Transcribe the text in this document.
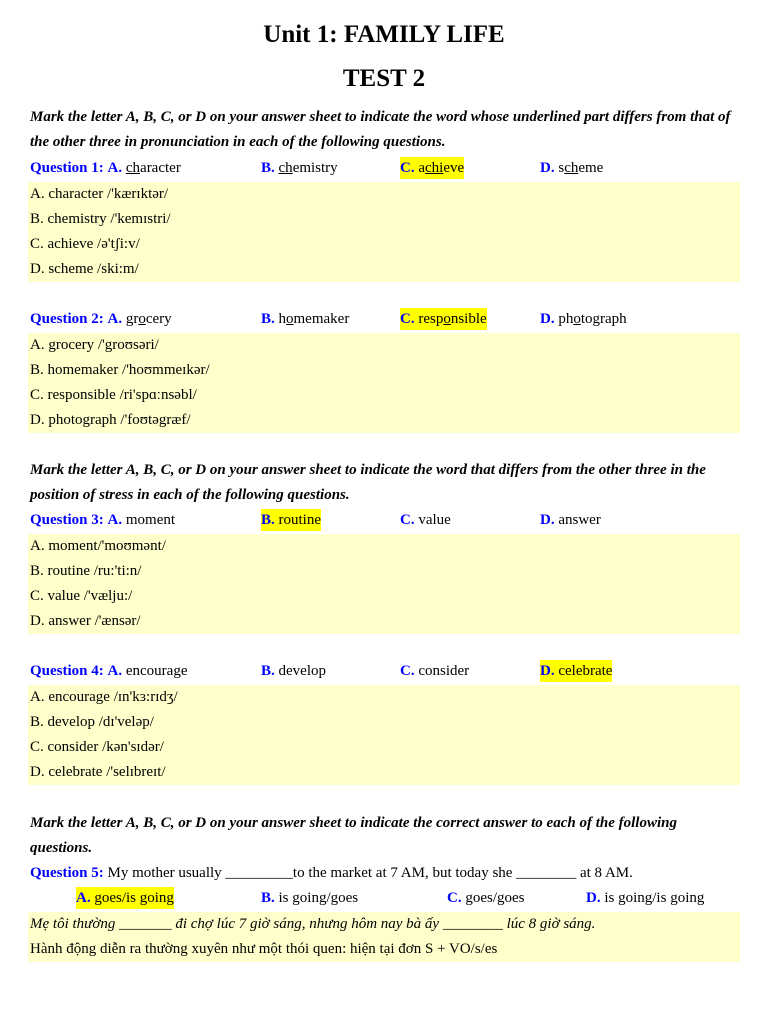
Unit 1: FAMILY LIFE
TEST 2
Mark the letter A, B, C, or D on your answer sheet to indicate the word whose underlined part differs from that of the other three in pronunciation in each of the following questions.
Question 1: A. character	B. chemistry	C. achieve	D. scheme
A. character /'kærɪktər/
B. chemistry /'kemɪstri/
C. achieve /ə'tʃi:v/
D. scheme /ski:m/
Question 2: A. grocery	B. homemaker	C. responsible	D. photograph
A. grocery /'groʊsəri/
B. homemaker /'hoʊmmeɪkər/
C. responsible /ri'spɑːnsəbl/
D. photograph /'foʊtəgræf/
Mark the letter A, B, C, or D on your answer sheet to indicate the word that differs from the other three in the position of stress in each of the following questions.
Question 3: A. moment	B. routine	C. value	D. answer
A. moment/'moʊmənt/
B. routine /ru:'ti:n/
C. value /'vælju:/
D. answer /'ænsər/
Question 4: A. encourage	B. develop	C. consider	D. celebrate
A. encourage /ɪn'kɜ:rɪdʒ/
B. develop /dɪ'veləp/
C. consider /kən'sɪdər/
D. celebrate /'selɪbreɪt/
Mark the letter A, B, C, or D on your answer sheet to indicate the correct answer to each of the following questions.
Question 5: My mother usually _________to the market at 7 AM, but today she ________ at 8 AM.
A. goes/is going	B. is going/goes	C. goes/goes	D. is going/is going
Mẹ tôi thường _______ đi chợ lúc 7 giờ sáng, nhưng hôm nay bà ấy ________ lúc 8 giờ sáng.
Hành động diễn ra thường xuyên như một thói quen: hiện tại đơn S + VO/s/es
